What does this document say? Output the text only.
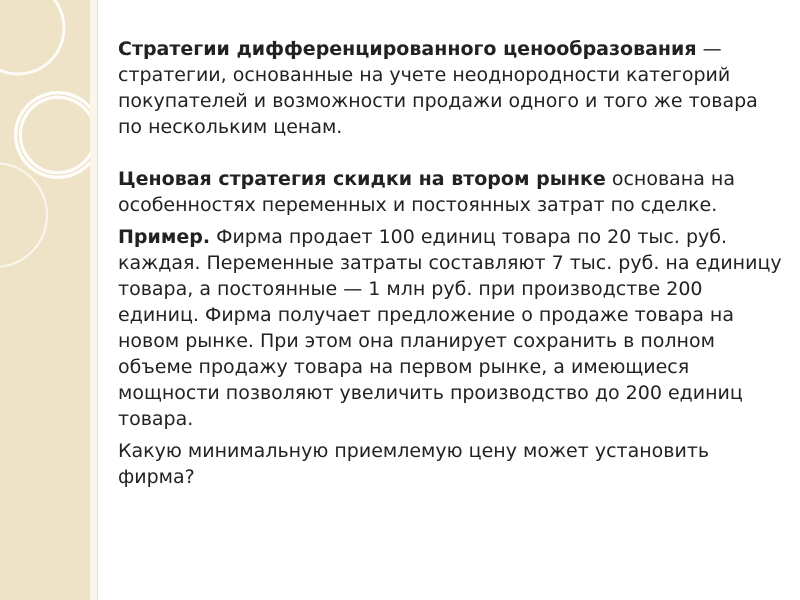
Стратегии дифференцированного ценообразования — стратегии, основанные на учете неоднородности категорий покупателей и возможности продажи одного и того же товара по нескольким ценам.

Ценовая стратегия скидки на втором рынке основана на особенностях переменных и постоянных затрат по сделке.

Пример. Фирма продает 100 единиц товара по 20 тыс. руб. каждая. Переменные затраты составляют 7 тыс. руб. на единицу товара, а постоянные — 1 млн руб. при производстве 200 единиц. Фирма получает предложение о продаже товара на новом рынке. При этом она планирует сохранить в полном объеме продажу товара на первом рынке, а имеющиеся мощности позволяют увеличить производство до 200 единиц товара.

Какую минимальную приемлемую цену может установить фирма?
